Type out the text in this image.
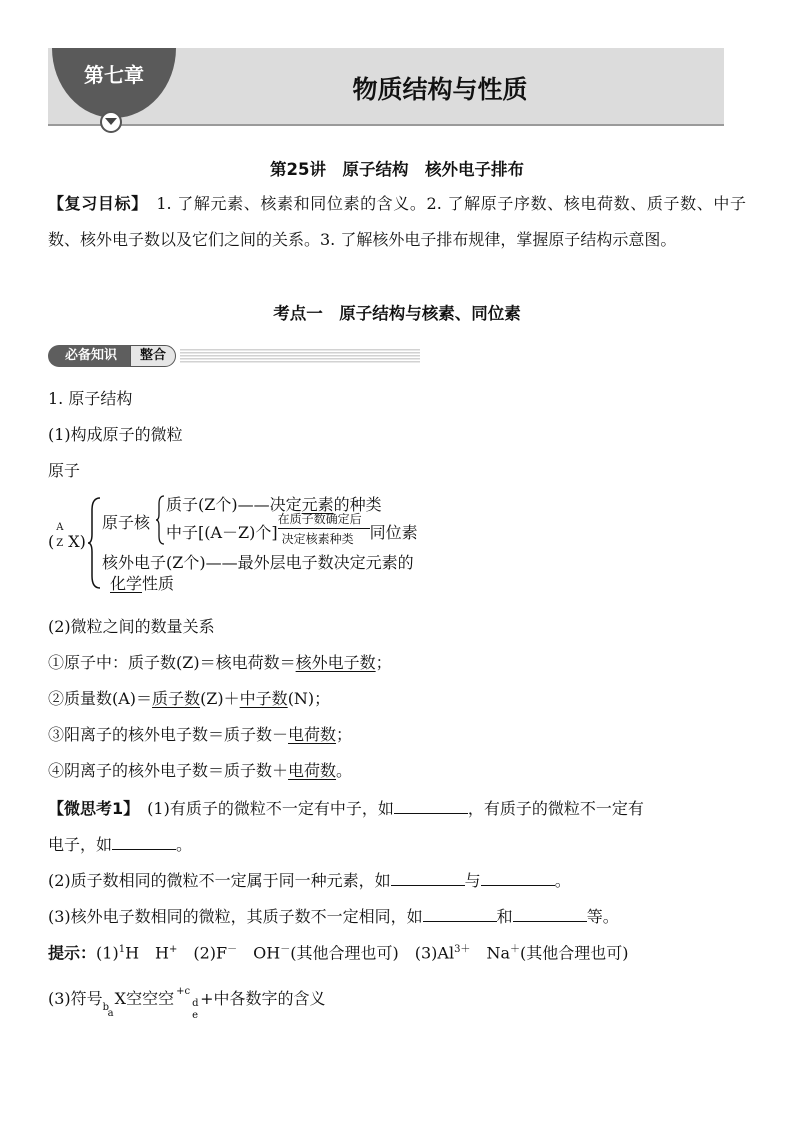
第七章	物质结构与性质
第25讲　原子结构　核外电子排布
【复习目标】　 1. 了解元素、核素和同位素的含义。2. 了解原子序数、核电荷数、质子数、中子数、核外电子数以及它们之间的关系。3. 了解核外电子排布规律，掌握原子结构示意图。
考点一　原子结构与核素、同位素
必备知识	整合
1. 原子结构
(1)构成原子的微粒
原子
(
A
Z X)
原子核
质子(Z个)——决定元素的种类
中子[(A－Z)个]
在质子数确定后
决定核素种类 同位素
核外电子(Z个)——最外层电子数决定元素的
化学性质
(2)微粒之间的数量关系
①原子中：质子数(Z)＝核电荷数＝核外电子数；
②质量数(A)＝质子数(Z)＋中子数(N)；
③阳离子的核外电子数＝质子数－电荷数；
④阴离子的核外电子数＝质子数＋电荷数。
【微思考1】　 (1)有质子的微粒不一定有中子，如	，有质子的微粒不一定有
电子，如	。
(2)质子数相同的微粒不一定属于同一种元素，如	与	。
(3)核外电子数相同的微粒，其质子数不一定相同，如	和	等。
提示：$(1)^1H$　H+　(2)F－　OH－(其他合理也可)　$(3)Al^{3+}$　Na＋(其他合理也可)
(3)符号 b
a
X空空空 +c
d
e
+中各数字的含义
